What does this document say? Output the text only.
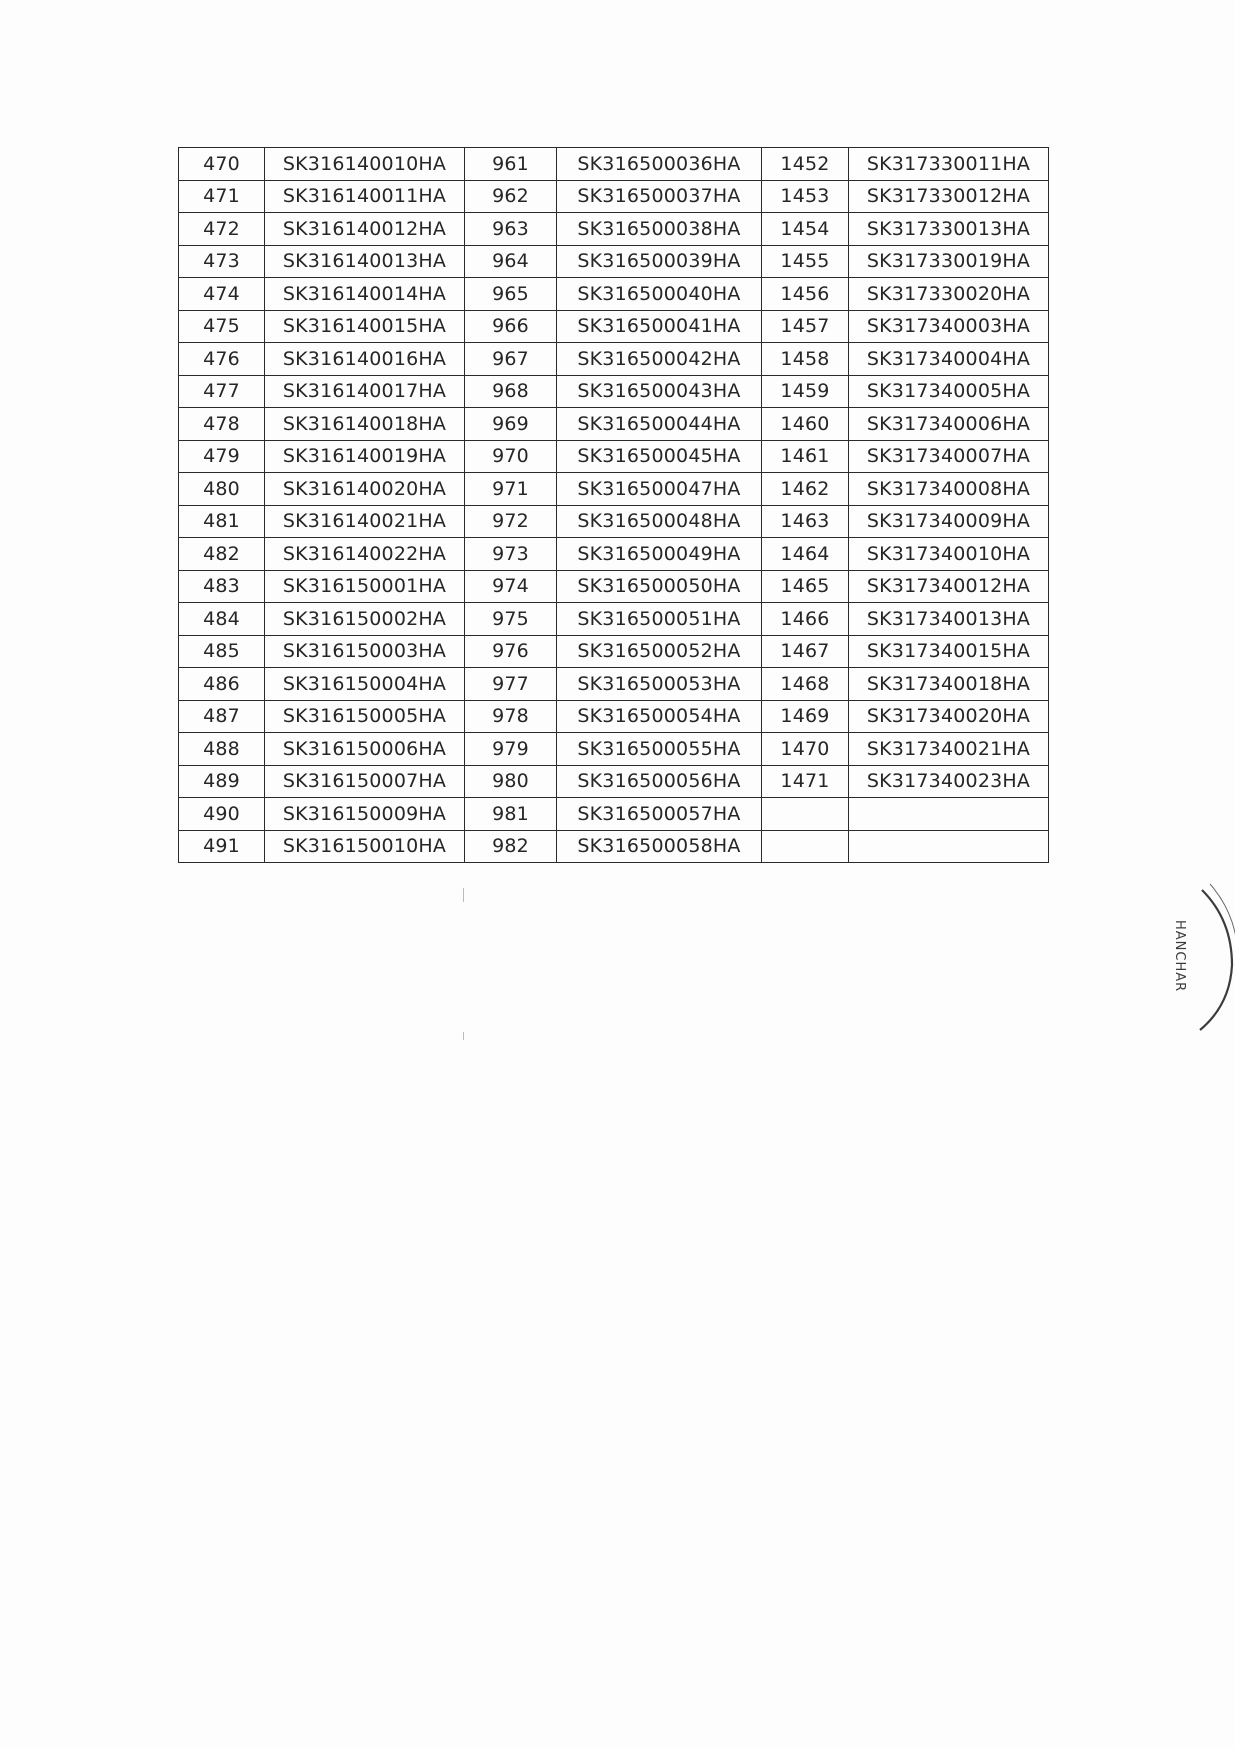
470	SK316140010HA	961	SK316500036HA	1452	SK317330011HA
471	SK316140011HA	962	SK316500037HA	1453	SK317330012HA
472	SK316140012HA	963	SK316500038HA	1454	SK317330013HA
473	SK316140013HA	964	SK316500039HA	1455	SK317330019HA
474	SK316140014HA	965	SK316500040HA	1456	SK317330020HA
475	SK316140015HA	966	SK316500041HA	1457	SK317340003HA
476	SK316140016HA	967	SK316500042HA	1458	SK317340004HA
477	SK316140017HA	968	SK316500043HA	1459	SK317340005HA
478	SK316140018HA	969	SK316500044HA	1460	SK317340006HA
479	SK316140019HA	970	SK316500045HA	1461	SK317340007HA
480	SK316140020HA	971	SK316500047HA	1462	SK317340008HA
481	SK316140021HA	972	SK316500048HA	1463	SK317340009HA
482	SK316140022HA	973	SK316500049HA	1464	SK317340010HA
483	SK316150001HA	974	SK316500050HA	1465	SK317340012HA
484	SK316150002HA	975	SK316500051HA	1466	SK317340013HA
485	SK316150003HA	976	SK316500052HA	1467	SK317340015HA
486	SK316150004HA	977	SK316500053HA	1468	SK317340018HA
487	SK316150005HA	978	SK316500054HA	1469	SK317340020HA
488	SK316150006HA	979	SK316500055HA	1470	SK317340021HA
489	SK316150007HA	980	SK316500056HA	1471	SK317340023HA
490	SK316150009HA	981	SK316500057HA		
491	SK316150010HA	982	SK316500058HA		
HANCHAR
